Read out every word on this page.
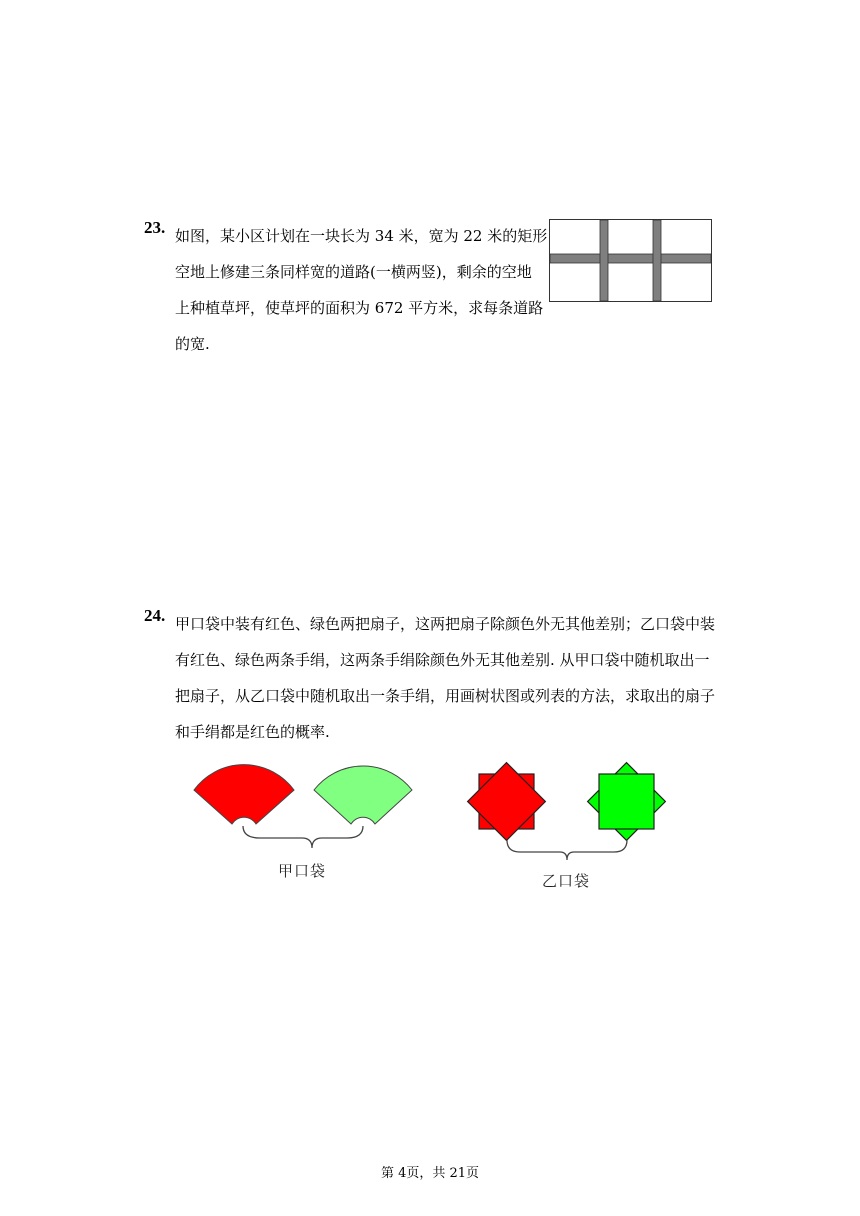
23. 如图，某小区计划在一块长为 34 米，宽为 22 米的矩形
空地上修建三条同样宽的道路(一横两竖)，剩余的空地
上种植草坪，使草坪的面积为 672 平方米，求每条道路
的宽.
24. 甲口袋中装有红色、绿色两把扇子，这两把扇子除颜色外无其他差别；乙口袋中装
有红色、绿色两条手绢，这两条手绢除颜色外无其他差别. 从甲口袋中随机取出一
把扇子，从乙口袋中随机取出一条手绢，用画树状图或列表的方法，求取出的扇子
和手绢都是红色的概率.
甲口袋
乙口袋
第 4页，共 21页
